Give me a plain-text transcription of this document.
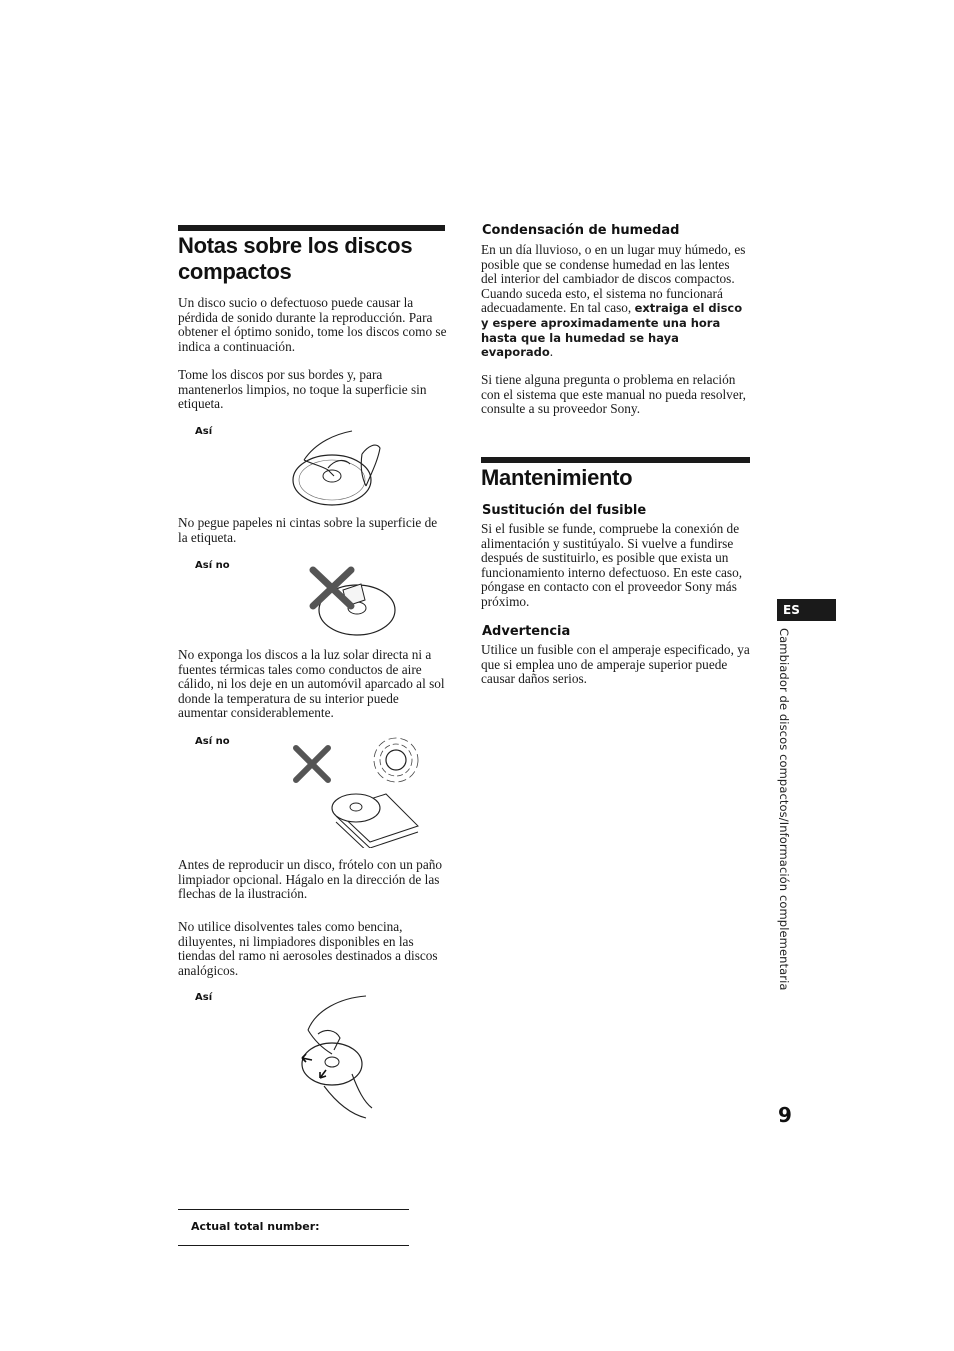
Notas sobre los discos
compactos

Un disco sucio o defectuoso puede causar la pérdida de sonido durante la reproducción. Para obtener el óptimo sonido, tome los discos como se indica a continuación.

Tome los discos por sus bordes y, para mantenerlos limpios, no toque la superficie sin etiqueta.

Así

No pegue papeles ni cintas sobre la superficie de la etiqueta.

Así no

No exponga los discos a la luz solar directa ni a fuentes térmicas tales como conductos de aire cálido, ni los deje en un automóvil aparcado al sol donde la temperatura de su interior puede aumentar considerablemente.

Así no

Antes de reproducir un disco, frótelo con un paño limpiador opcional. Hágalo en la dirección de las flechas de la ilustración.

No utilice disolventes tales como bencina, diluyentes, ni limpiadores disponibles en las tiendas del ramo ni aerosoles destinados a discos analógicos.

Así
Actual total number:
Condensación de humedad

En un día lluvioso, o en un lugar muy húmedo, es posible que se condense humedad en las lentes del interior del cambiador de discos compactos. Cuando suceda esto, el sistema no funcionará adecuadamente. En tal caso, extraiga el disco y espere aproximadamente una hora hasta que la humedad se haya evaporado.

Si tiene alguna pregunta o problema en relación con el sistema que este manual no pueda resolver, consulte a su proveedor Sony.

Mantenimiento
Sustitución del fusible

Si el fusible se funde, compruebe la conexión de alimentación y sustitúyalo. Si vuelve a fundirse después de sustituirlo, es posible que exista un funcionamiento interno defectuoso. En este caso, póngase en contacto con el proveedor Sony más próximo.

Advertencia

Utilice un fusible con el amperaje especificado, ya que si emplea uno de amperaje superior puede causar daños serios.

ES
Cambiador de discos compactos/Información complementaria
9
